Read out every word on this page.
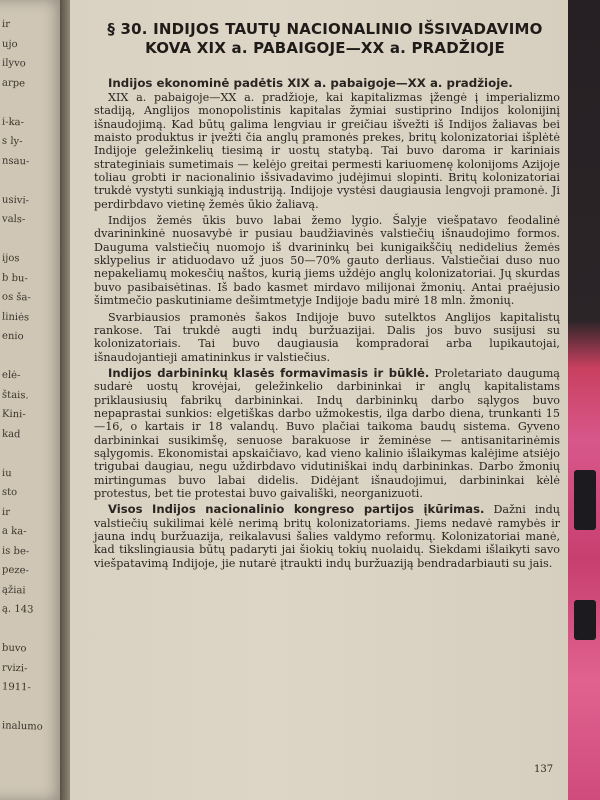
ir
ujo
ilyvo
arpe
i-ka-
s ly-
nsau-
usivi-
vals-
ijos
b bu-
os ša-
liniės
enio
elė-
štais.
Kini-
kad
iu
sto
ir
a ka-
is be-
peze-
ąžiai
ą. 143
buvo
rvizi-
1911-
inalumo
§ 30. INDIJOS TAUTŲ NACIONALINIO IŠSIVADAVIMO KOVA XIX a. PABAIGOJE—XX a. PRADŽIOJE

Indijos ekonominė padėtis XIX a. pabaigoje—XX a. pradžioje.

XIX a. pabaigoje—XX a. pradžioje, kai kapitalizmas įžengė į imperializmo stadiją, Anglijos monopolistinis kapitalas žymiai sustiprino Indijos kolonijinį išnaudojimą. Kad būtų galima lengviau ir greičiau išvežti iš Indijos žaliavas bei maisto produktus ir įvežti čia anglų pramonės prekes, britų kolonizatoriai išplėtė Indijoje geležinkelių tiesimą ir uostų statybą. Tai buvo daroma ir kariniais strateginiais sumetimais — kelėjo greitai permesti kariuomenę kolonijoms Azijoje toliau grobti ir nacionalinio išsivadavimo judėjimui slopinti. Britų kolonizatoriai trukdė vystyti sunkiąją industriją. Indijoje vystėsi daugiausia lengvoji pramonė. Ji perdirbdavo vietinę žemės ūkio žaliavą.

Indijos žemės ūkis buvo labai žemo lygio. Šalyje viešpatavo feodalinė dvarininkinė nuosavybė ir pusiau baudžiavinės valstiečių išnaudojimo formos. Dauguma valstiečių nuomojo iš dvarininkų bei kunigaikščių nedidelius žemės sklypelius ir atiduodavo už juos 50—70% gauto derliaus. Valstiečiai duso nuo nepakeliamų mokesčių naštos, kurią jiems uždėjo anglų kolonizatoriai. Jų skurdas buvo pasibaisėtinas. Iš bado kasmet mirdavo milijonai žmonių. Antai praėjusio šimtmečio paskutiniame dešimtmetyje Indijoje badu mirė 18 mln. žmonių.

Svarbiausios pramonės šakos Indijoje buvo sutelktos Anglijos kapitalistų rankose. Tai trukdė augti indų buržuazijai. Dalis jos buvo susijusi su kolonizatoriais. Tai buvo daugiausia kompradorai arba lupikautojai, išnaudojantieji amatininkus ir valstiečius.

Indijos darbininkų klasės formavimasis ir būklė. Proletariato daugumą sudarė uostų krovėjai, geležinkelio darbininkai ir anglų kapitalistams priklausiusių fabrikų darbininkai. Indų darbininkų darbo sąlygos buvo nepaprastai sunkios: elgetiškas darbo užmokestis, ilga darbo diena, trunkanti 15—16, o kartais ir 18 valandų. Buvo plačiai taikoma baudų sistema. Gyveno darbininkai susikimšę, senuose barakuose ir žeminėse — antisanitarinėmis sąlygomis. Ekonomistai apskaičiavo, kad vieno kalinio išlaikymas kalėjime atsiėjo trigubai daugiau, negu uždirbdavo vidutiniškai indų darbininkas. Darbo žmonių mirtingumas buvo labai didelis. Didėjant išnaudojimui, darbininkai kėlė protestus, bet tie protestai buvo gaivališki, neorganizuoti.

Visos Indijos nacionalinio kongreso partijos įkūrimas. Dažni indų valstiečių sukilimai kėlė nerimą britų kolonizatoriams. Jiems nedavė ramybės ir jauna indų buržuazija, reikalavusi šalies valdymo reformų. Kolonizatoriai manė, kad tikslingiausia būtų padaryti jai šiokių tokių nuolaidų. Siekdami išlaikyti savo viešpatavimą Indijoje, jie nutarė įtraukti indų buržuaziją bendradarbiauti su jais.

137
